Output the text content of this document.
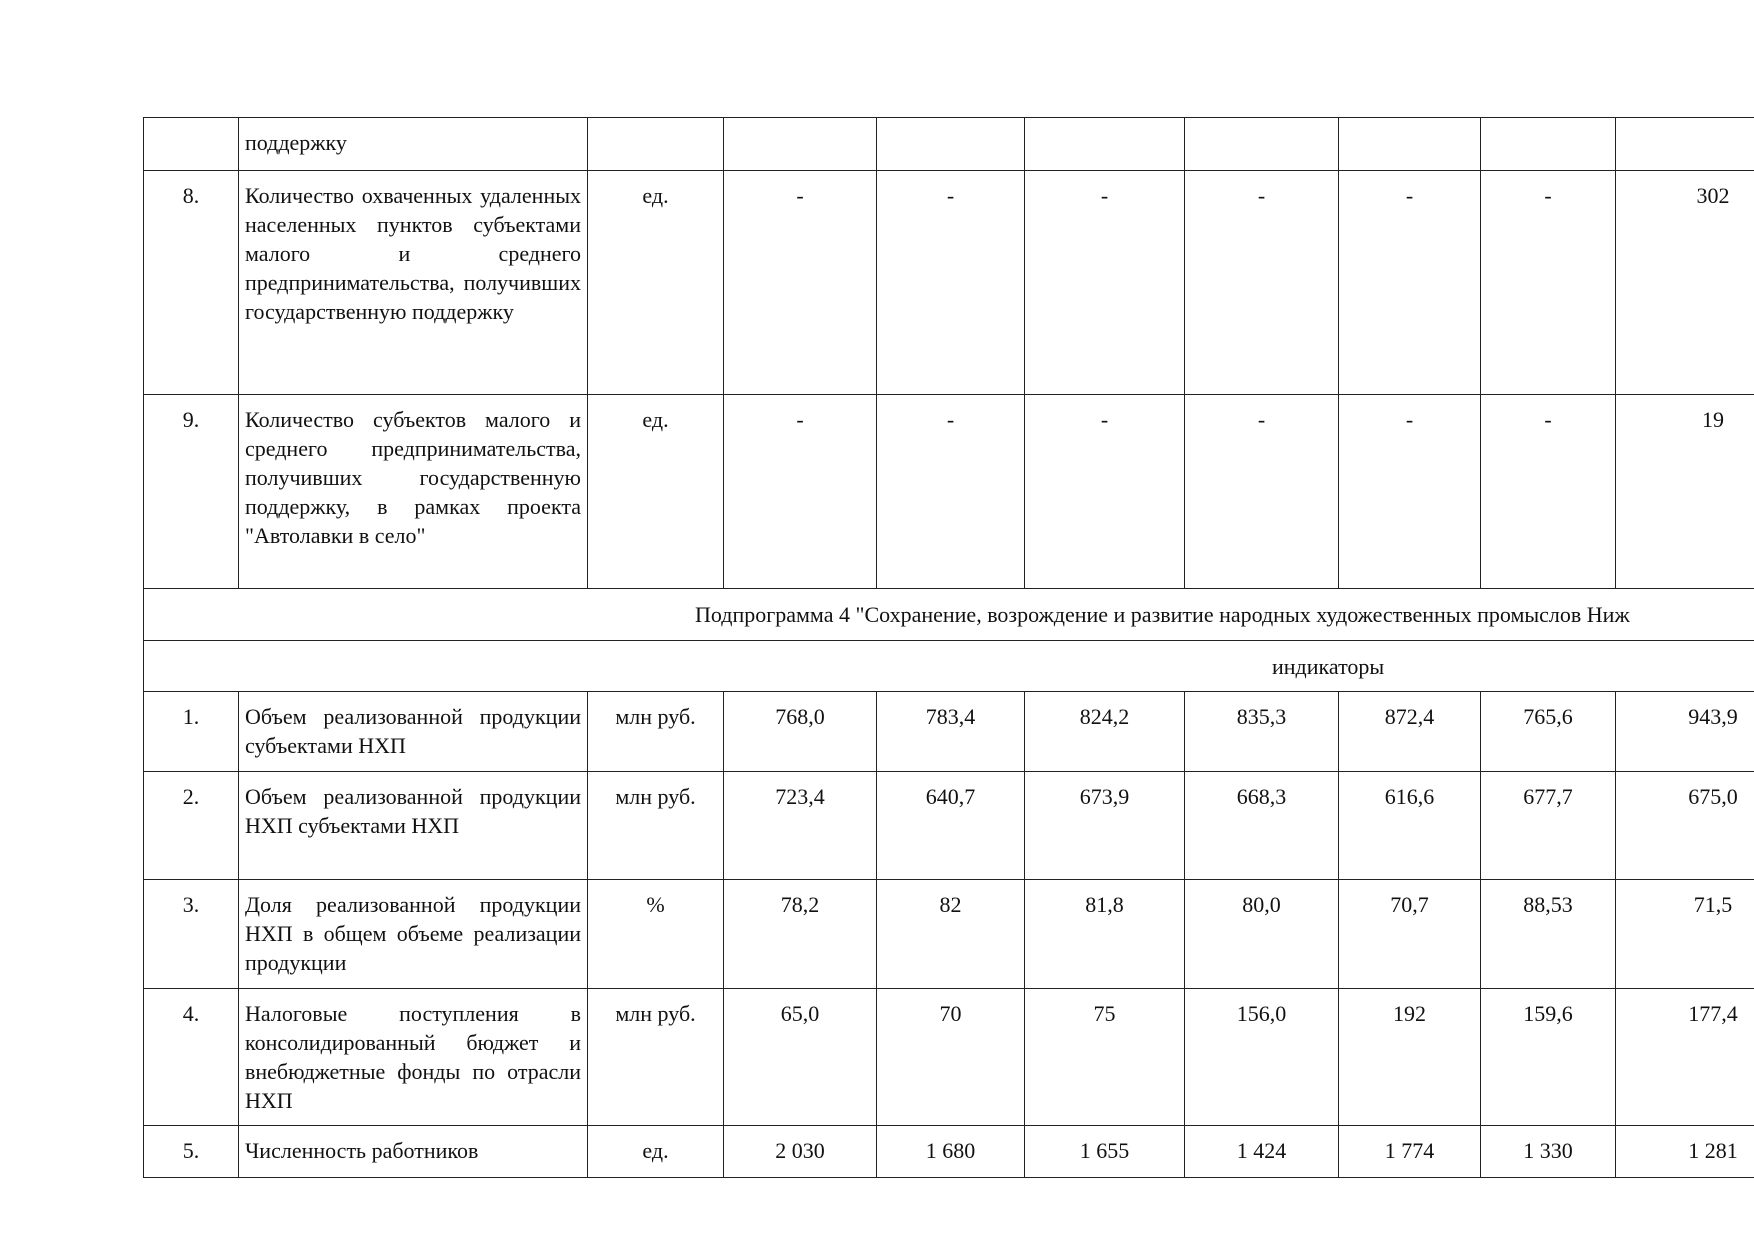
	поддержку								
8.	Количество охваченных удаленных населенных пунктов субъектами малого и среднего предпринимательства, получивших государственную поддержку	ед.	-	-	-	-	-	-	302
9.	Количество субъектов малого и среднего предпринимательства, получивших государственную поддержку, в рамках проекта "Автолавки в село"	ед.	-	-	-	-	-	-	19
Подпрограмма 4 "Сохранение, возрождение и развитие народных художественных промыслов Ниж									
индикаторы									
1.	Объем реализованной продукции субъектами НХП	млн руб.	768,0	783,4	824,2	835,3	872,4	765,6	943,9
2.	Объем реализованной продукции НХП субъектами НХП	млн руб.	723,4	640,7	673,9	668,3	616,6	677,7	675,0
3.	Доля реализованной продукции НХП в общем объеме реализации продукции	%	78,2	82	81,8	80,0	70,7	88,53	71,5
4.	Налоговые поступления в консолидированный бюджет и внебюджетные фонды по отрасли НХП	млн руб.	65,0	70	75	156,0	192	159,6	177,4
5.	Численность работников	ед.	2 030	1 680	1 655	1 424	1 774	1 330	1 281
